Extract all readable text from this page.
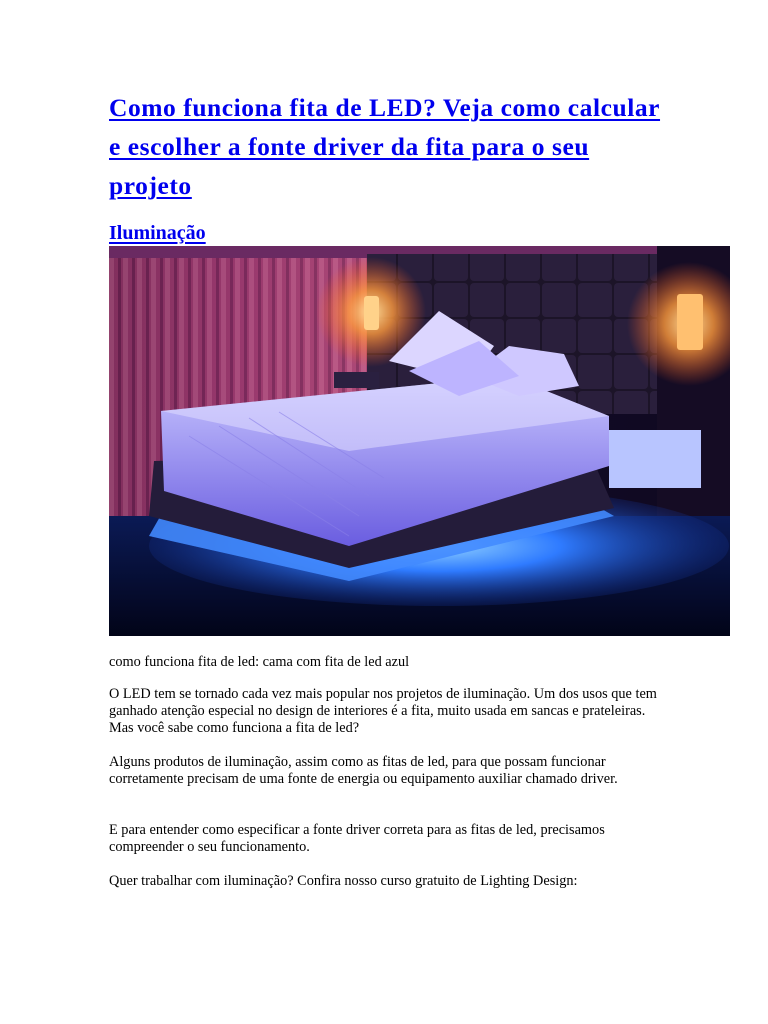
Como funciona fita de LED? Veja como calcular e escolher a fonte driver da fita para o seu projeto
Iluminação

como funciona fita de led: cama com fita de led azul

O LED tem se tornado cada vez mais popular nos projetos de iluminação. Um dos usos que tem ganhado atenção especial no design de interiores é a fita, muito usada em sancas e prateleiras. Mas você sabe como funciona a fita de led?

Alguns produtos de iluminação, assim como as fitas de led, para que possam funcionar corretamente precisam de uma fonte de energia ou equipamento auxiliar chamado driver.

E para entender como especificar a fonte driver correta para as fitas de led, precisamos compreender o seu funcionamento.

Quer trabalhar com iluminação? Confira nosso curso gratuito de Lighting Design:
